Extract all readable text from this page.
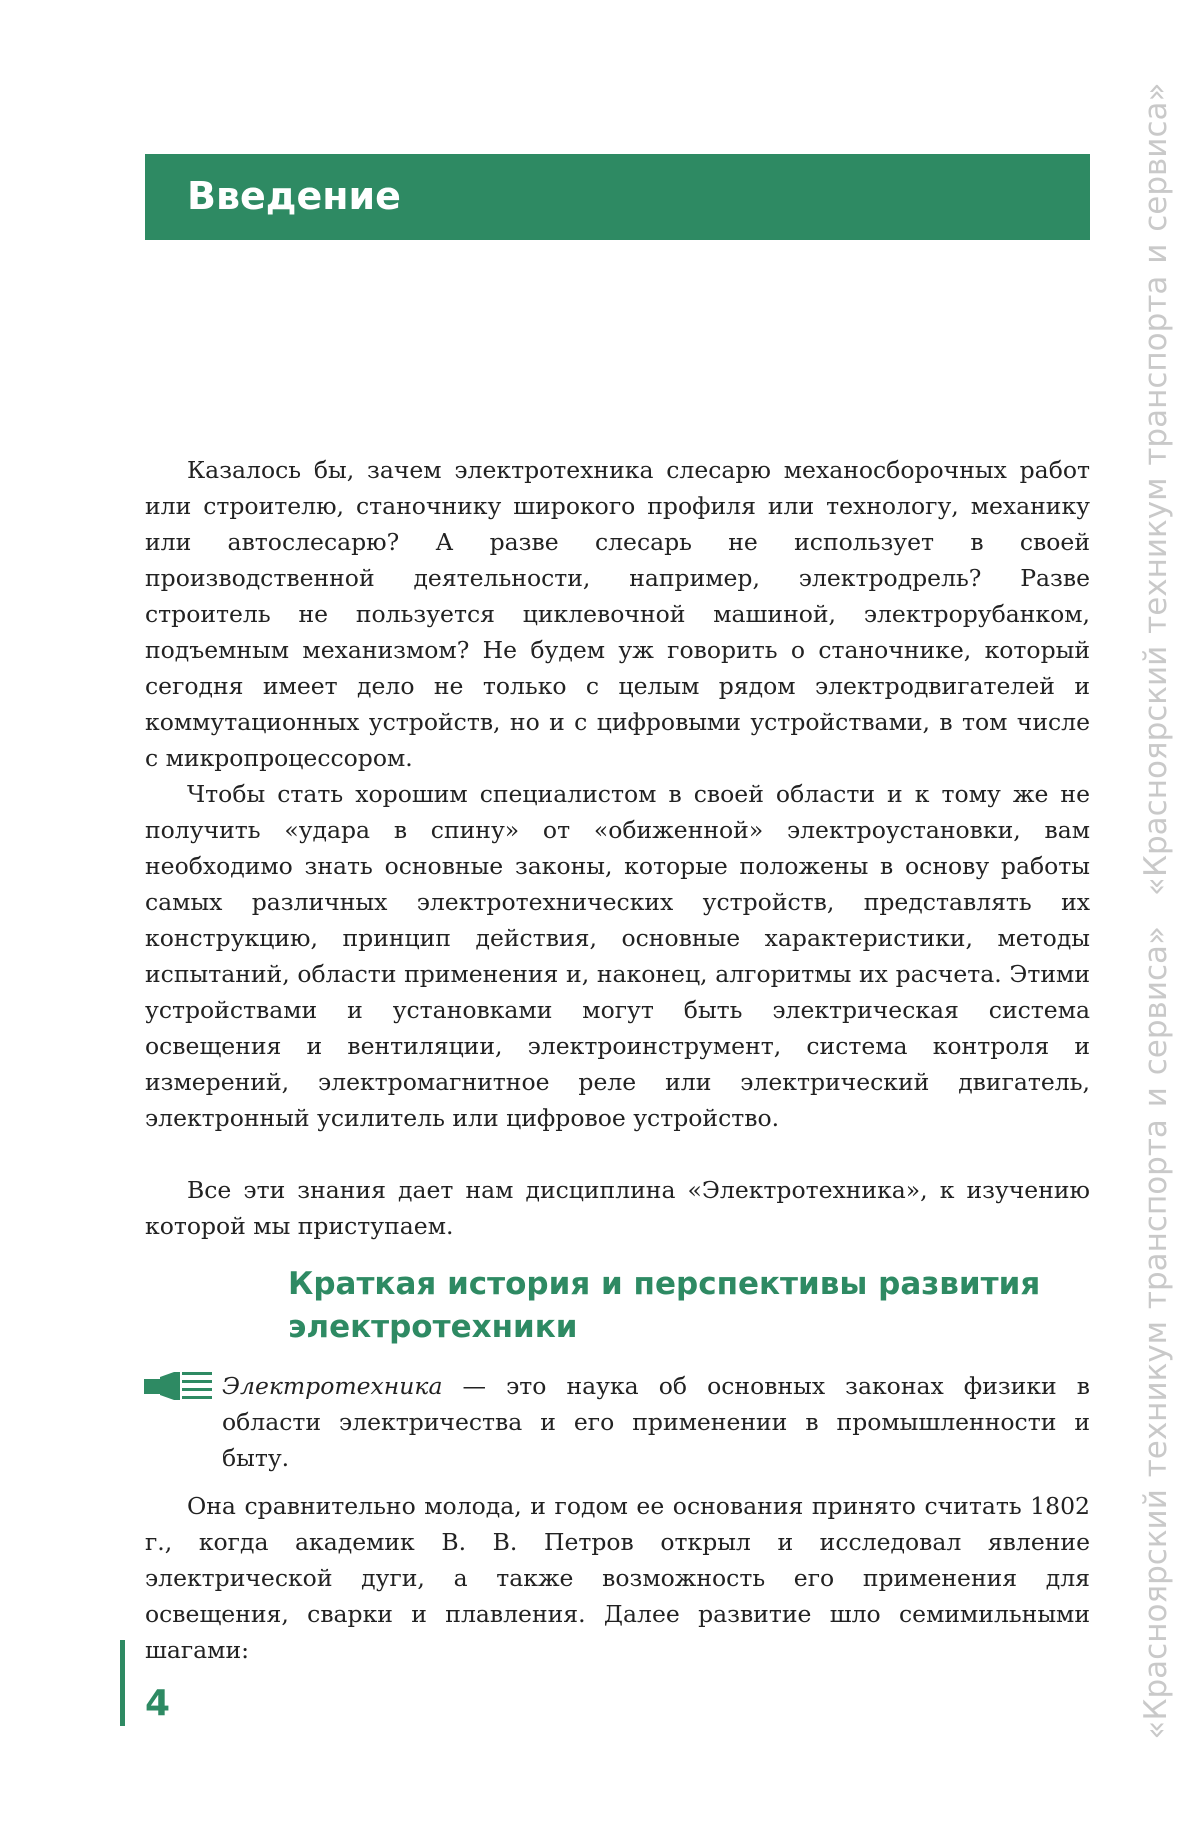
Введение

Казалось бы, зачем электротехника слесарю механосборочных работ или строителю, станочнику широкого профиля или технологу, механику или автослесарю? А разве слесарь не использует в своей производственной деятельности, например, электродрель? Разве строитель не пользуется циклевочной машиной, электрорубанком, подъемным механизмом? Не будем уж говорить о станочнике, который сегодня имеет дело не только с целым рядом электродвигателей и коммутационных устройств, но и с цифровыми устройствами, в том числе с микропроцессором.

Чтобы стать хорошим специалистом в своей области и к тому же не получить «удара в спину» от «обиженной» электроустановки, вам необходимо знать основные законы, которые положены в основу работы самых различных электротехнических устройств, представлять их конструкцию, принцип действия, основные характеристики, методы испытаний, области применения и, наконец, алгоритмы их расчета. Этими устройствами и установками могут быть электрическая система освещения и вентиляции, электроинструмент, система контроля и измерений, электромагнитное реле или электрический двигатель, электронный усилитель или цифровое устройство.

Все эти знания дает нам дисциплина «Электротехника», к изучению которой мы приступаем.

Краткая история и перспективы развития электротехники

Электротехника — это наука об основных законах физики в области электричества и его применении в промышленности и быту.

Она сравнительно молода, и годом ее основания принято считать 1802 г., когда академик В. В. Петров открыл и исследовал явление электрической дуги, а также возможность его применения для освещения, сварки и плавления. Далее развитие шло семимильными шагами:

4	«Красноярский техникум транспорта и сервиса»«Красноярский техникум транспорта и сервиса»
